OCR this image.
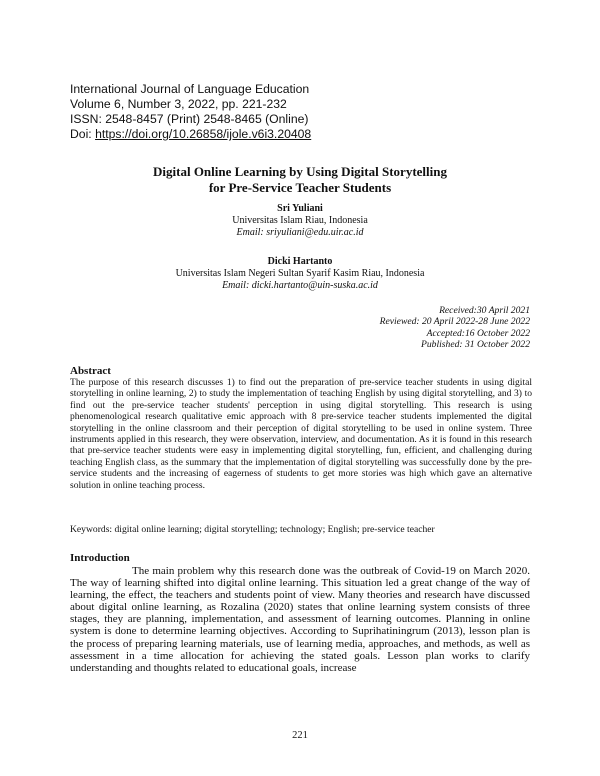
International Journal of Language Education
Volume 6, Number 3, 2022, pp. 221-232
ISSN: 2548-8457 (Print) 2548-8465 (Online)
Doi: https://doi.org/10.26858/ijole.v6i3.20408
Digital Online Learning by Using Digital Storytelling
for Pre-Service Teacher Students
Sri Yuliani
Universitas Islam Riau, Indonesia
Email: sriyuliani@edu.uir.ac.id
Dicki Hartanto
Universitas Islam Negeri Sultan Syarif Kasim Riau, Indonesia
Email: dicki.hartanto@uin-suska.ac.id
Received:30 April 2021
Reviewed: 20 April 2022-28 June 2022
Accepted:16 October 2022
Published: 31 October 2022
Abstract
The purpose of this research discusses 1) to find out the preparation of pre-service teacher students in using digital storytelling in online learning, 2) to study the implementation of teaching English by using digital storytelling, and 3) to find out the pre-service teacher students' perception in using digital storytelling. This research is using phenomenological research qualitative emic approach with 8 pre-service teacher students implemented the digital storytelling in the online classroom and their perception of digital storytelling to be used in online system. Three instruments applied in this research, they were observation, interview, and documentation. As it is found in this research that pre-service teacher students were easy in implementing digital storytelling, fun, efficient, and challenging during teaching English class, as the summary that the implementation of digital storytelling was successfully done by the pre-service students and the increasing of eagerness of students to get more stories was high which gave an alternative solution in online teaching process.
Keywords: digital online learning; digital storytelling; technology; English; pre-service teacher
Introduction
The main problem why this research done was the outbreak of Covid-19 on March 2020. The way of learning shifted into digital online learning. This situation led a great change of the way of learning, the effect, the teachers and students point of view. Many theories and research have discussed about digital online learning, as Rozalina (2020) states that online learning system consists of three stages, they are planning, implementation, and assessment of learning outcomes. Planning in online system is done to determine learning objectives. According to Suprihatiningrum (2013), lesson plan is the process of preparing learning materials, use of learning media, approaches, and methods, as well as assessment in a time allocation for achieving the stated goals. Lesson plan works to clarify understanding and thoughts related to educational goals, increase
221
